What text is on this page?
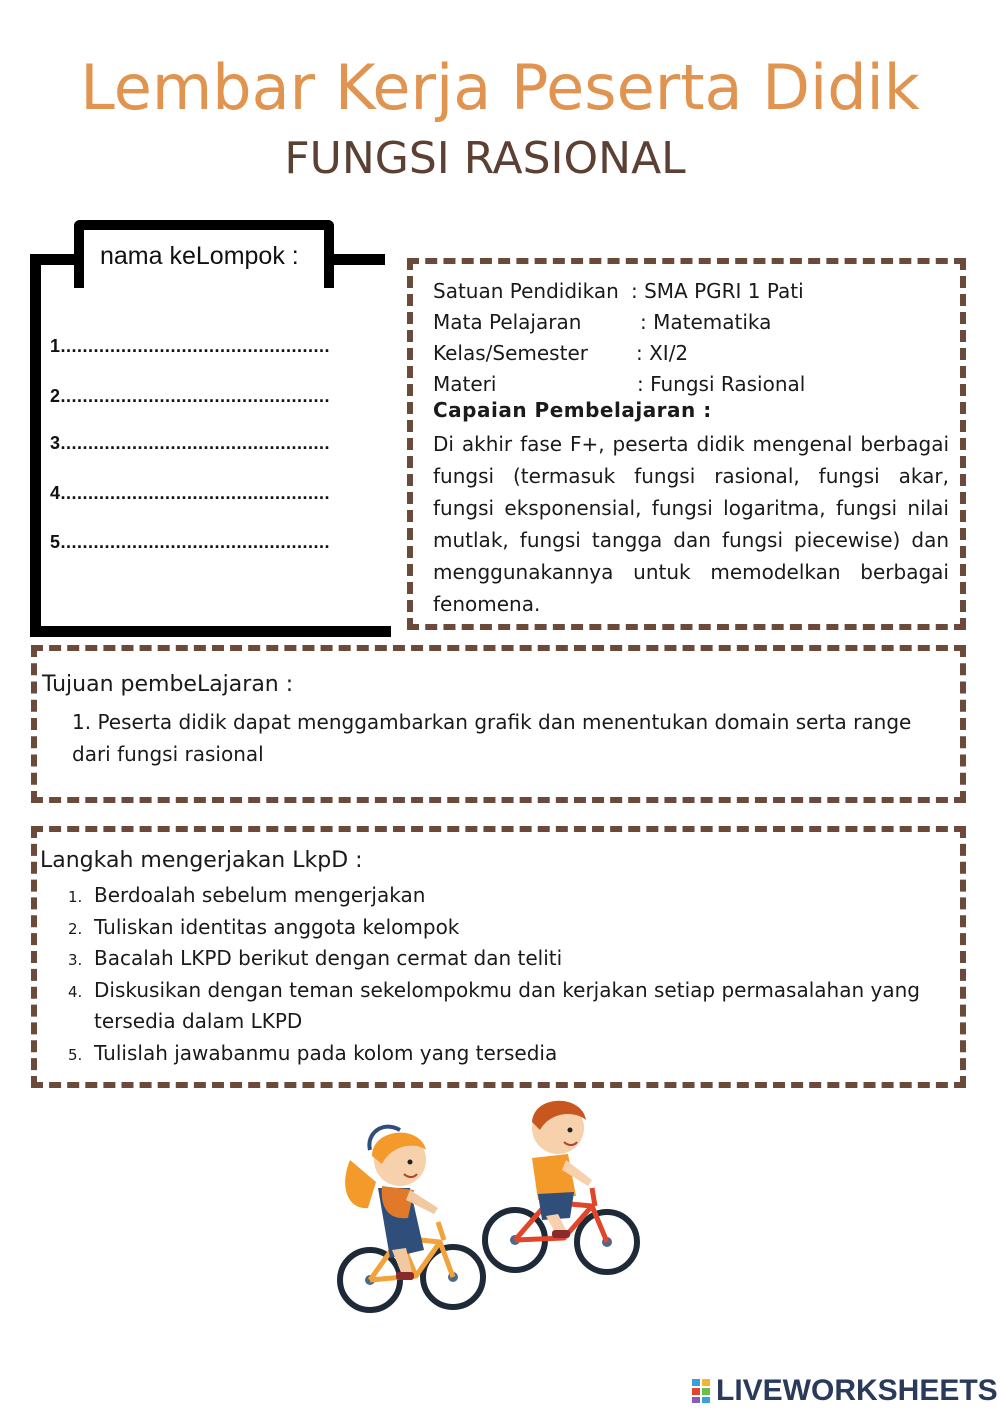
Lembar Kerja Peserta Didik
FUNGSI RASIONAL
nama keLompok :
1.................................................
2.................................................
3.................................................
4.................................................
5.................................................
Satuan Pendidikan : SMA PGRI 1 Pati
Mata Pelajaran	: Matematika
Kelas/Semester : XI/2
Materi	: Fungsi Rasional
Capaian Pembelajaran :
Di akhir fase F+, peserta didik mengenal berbagai fungsi (termasuk fungsi rasional, fungsi akar, fungsi eksponensial, fungsi logaritma, fungsi nilai mutlak, fungsi tangga dan fungsi piecewise) dan menggunakannya untuk memodelkan berbagai fenomena.
Tujuan pembeLajaran :
1. Peserta didik dapat menggambarkan grafik dan menentukan domain serta range dari fungsi rasional
Langkah mengerjakan LkpD :
1. Berdoalah sebelum mengerjakan
2. Tuliskan identitas anggota kelompok
3. Bacalah LKPD berikut dengan cermat dan teliti
4. Diskusikan dengan teman sekelompokmu dan kerjakan setiap permasalahan yang
tersedia dalam LKPD
5. Tulislah jawabanmu pada kolom yang tersedia
LIVEWORKSHEETS
